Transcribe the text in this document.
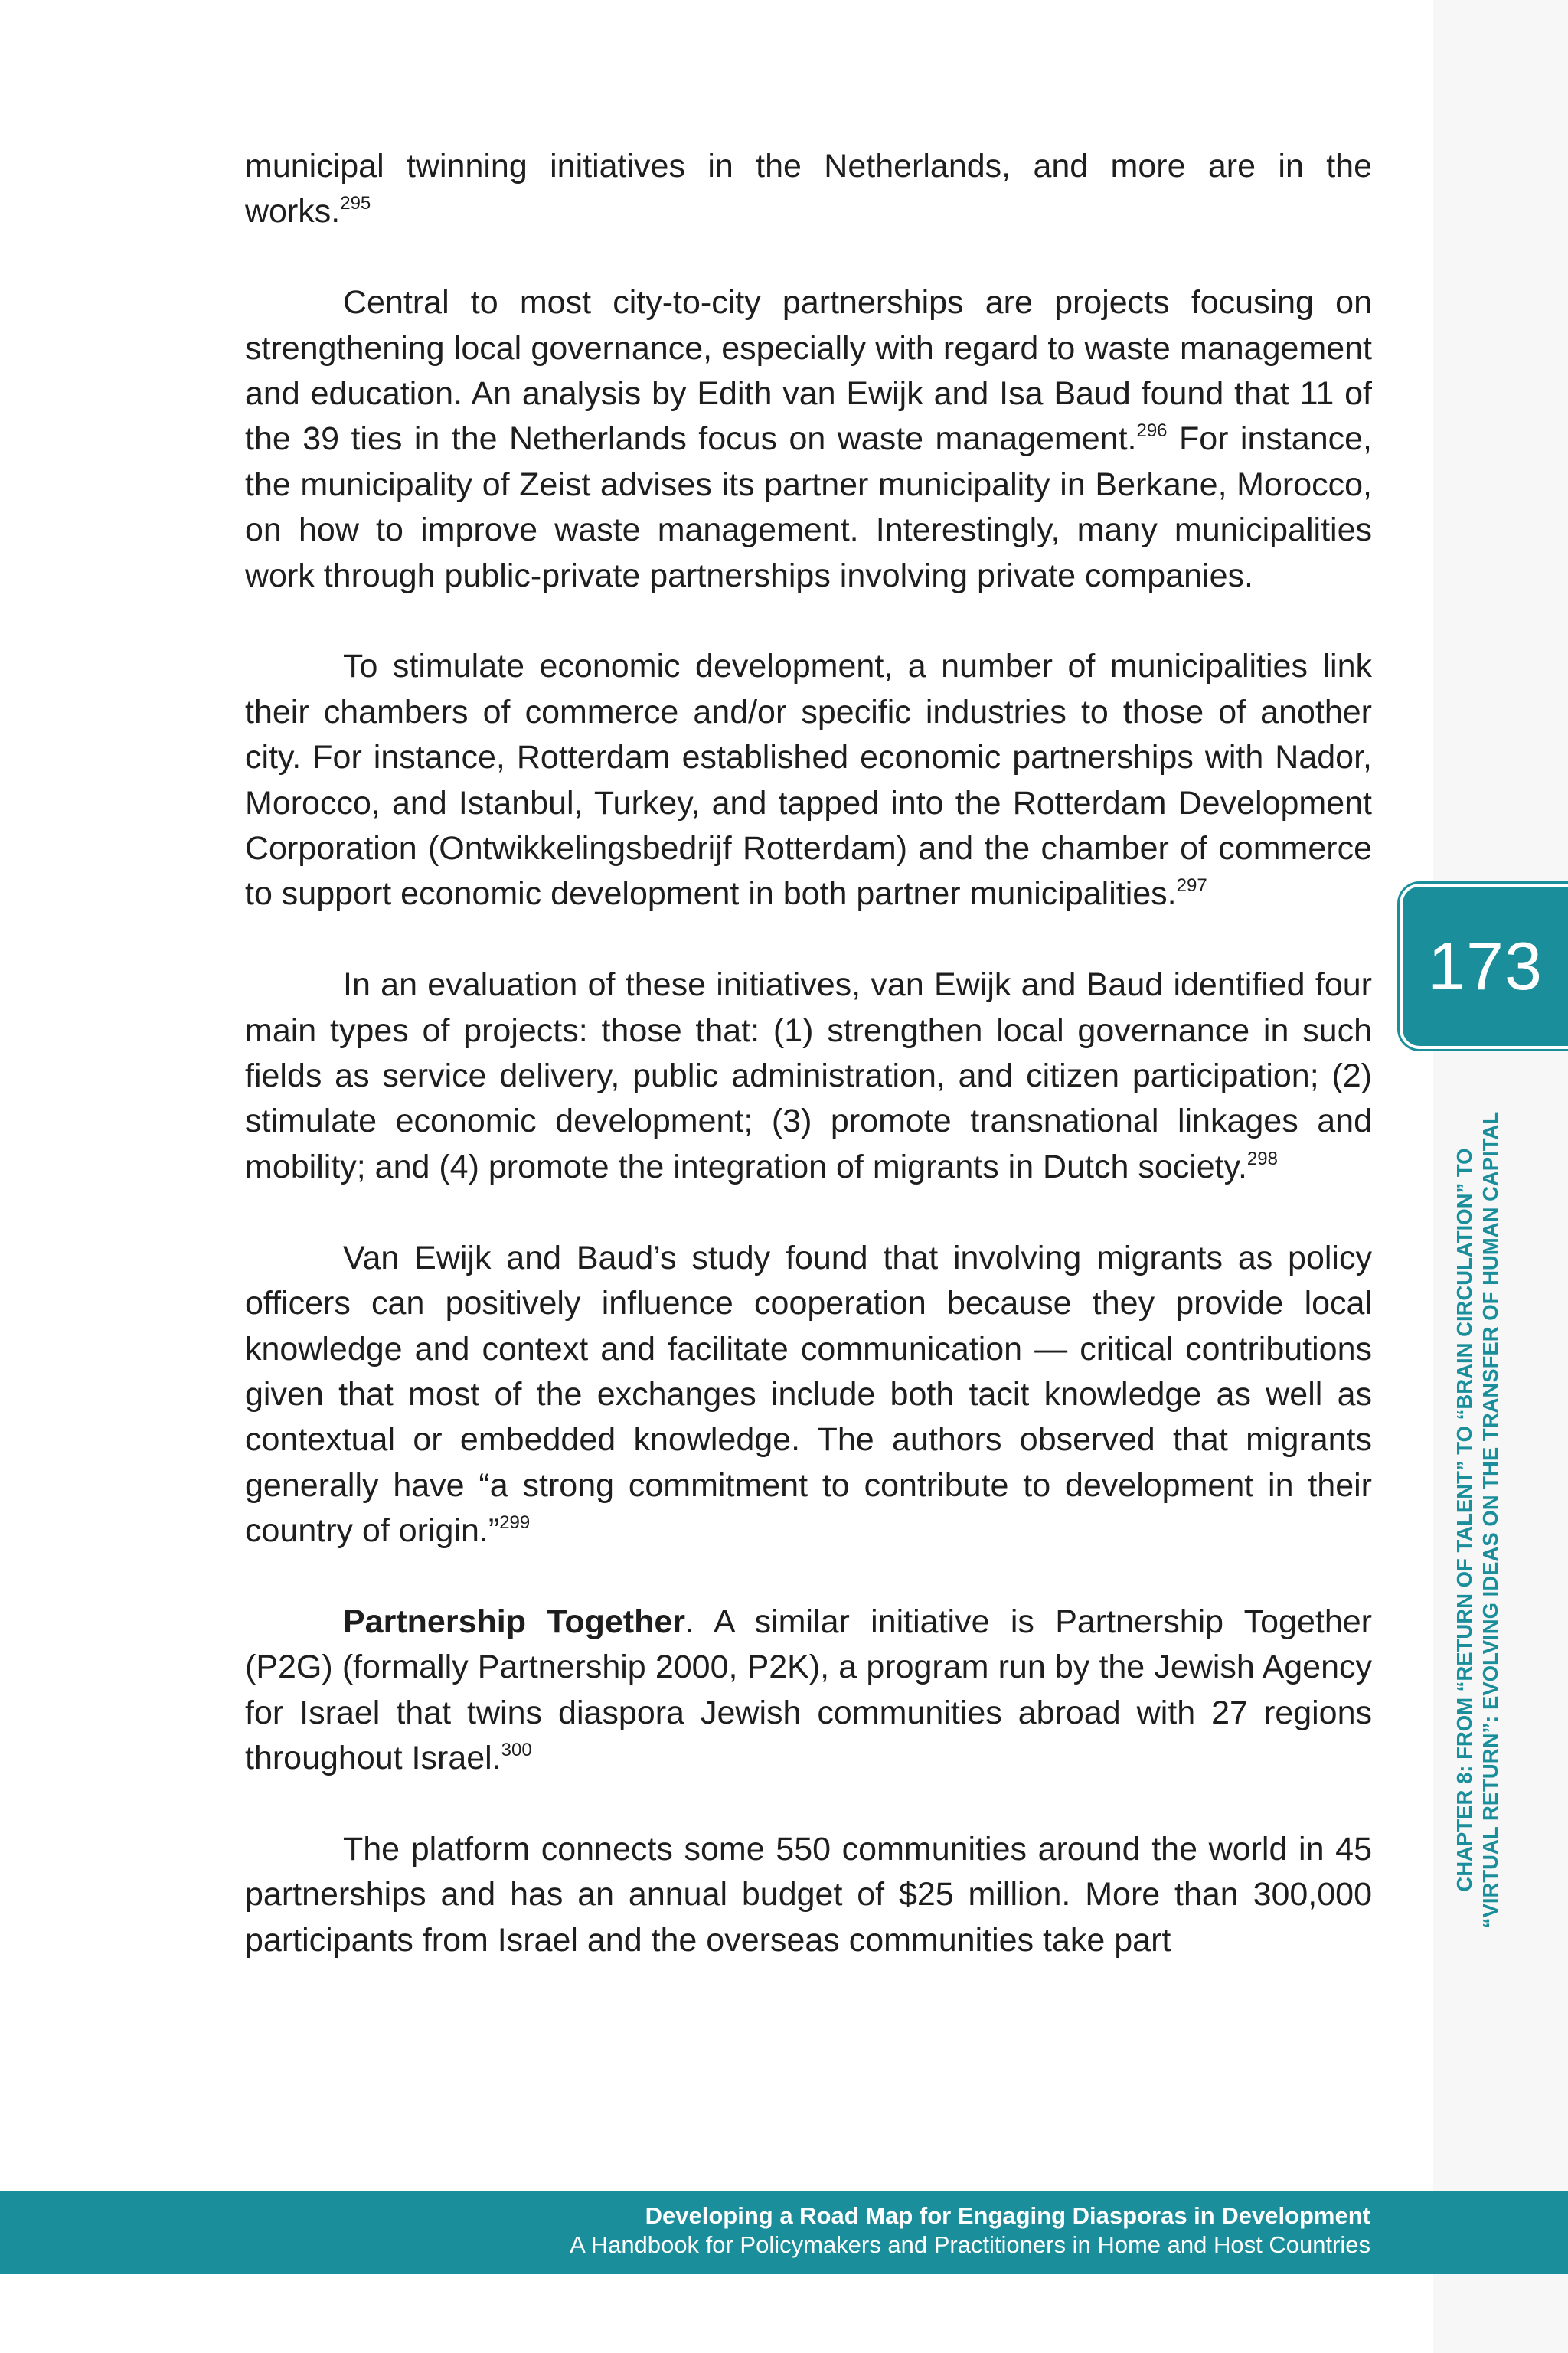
municipal twinning initiatives in the Netherlands, and more are in the works.$^{295}$

Central to most city-to-city partnerships are projects focusing on strengthening local governance, especially with regard to waste management and education. An analysis by Edith van Ewijk and Isa Baud found that 11 of the 39 ties in the Netherlands focus on waste management.$^{296}$ For instance, the municipality of Zeist advises its partner municipality in Berkane, Morocco, on how to improve waste management. Interestingly, many municipalities work through public-private partnerships involving private companies.

To stimulate economic development, a number of municipalities link their chambers of commerce and/or specific industries to those of another city. For instance, Rotterdam established economic partnerships with Nador, Morocco, and Istanbul, Turkey, and tapped into the Rotterdam Development Corporation (Ontwikkelingsbedrijf Rotterdam) and the chamber of commerce to support economic development in both partner municipalities.$^{297}$

In an evaluation of these initiatives, van Ewijk and Baud identified four main types of projects: those that: (1) strengthen local governance in such fields as service delivery, public administration, and citizen participation; (2) stimulate economic development; (3) promote transnational linkages and mobility; and (4) promote the integration of migrants in Dutch society.$^{298}$

Van Ewijk and Baud’s study found that involving migrants as policy officers can positively influence cooperation because they provide local knowledge and context and facilitate communication — critical contributions given that most of the exchanges include both tacit knowledge as well as contextual or embedded knowledge. The authors observed that migrants generally have “a strong commitment to contribute to development in their country of origin.”$^{299}$

Partnership Together. A similar initiative is Partnership Together (P2G) (formally Partnership 2000, P2K), a program run by the Jewish Agency for Israel that twins diaspora Jewish communities abroad with 27 regions throughout Israel.$^{300}$

The platform connects some 550 communities around the world in 45 partnerships and has an annual budget of $25 million. More than 300,000 participants from Israel and the overseas communities take part

173
CHAPTER 8: FROM “RETURN OF TALENT” TO “BRAIN CIRCULATION” TO “VIRTUAL RETURN”: EVOLVING IDEAS ON THE TRANSFER OF HUMAN CAPITAL
Developing a Road Map for Engaging Diasporas in Development
A Handbook for Policymakers and Practitioners in Home and Host Countries
